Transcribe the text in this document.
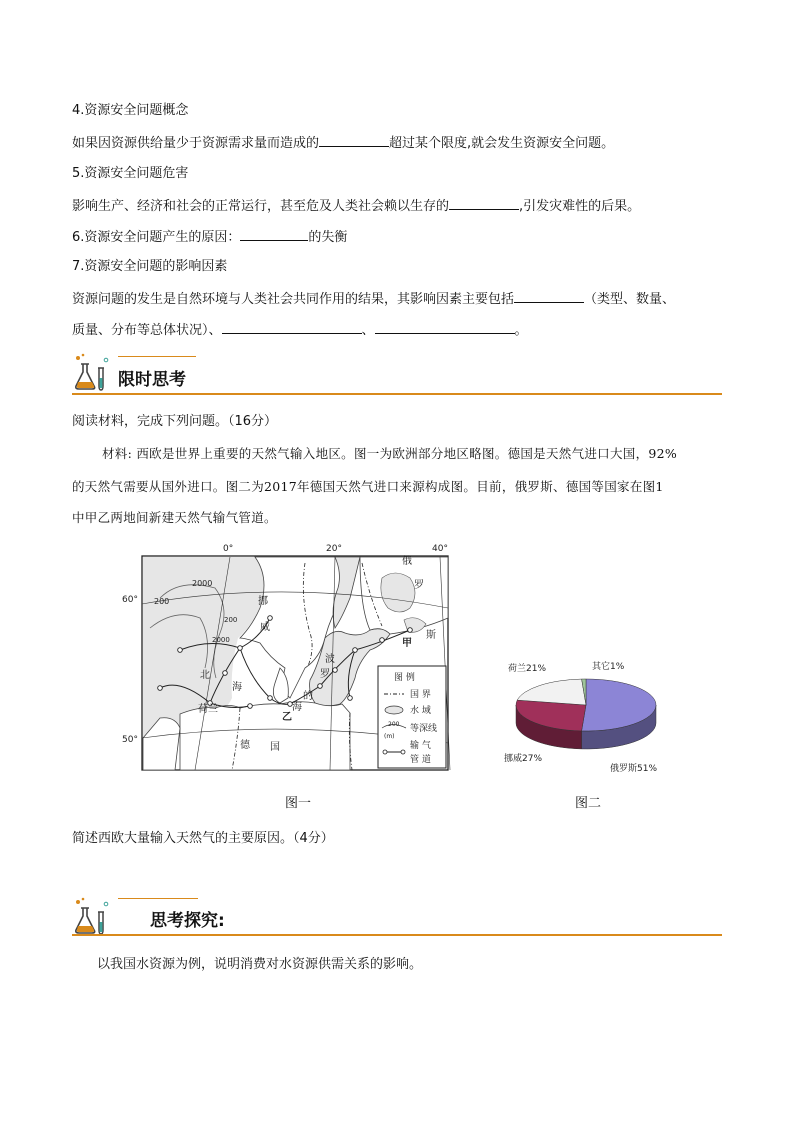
4.资源安全问题概念
如果因资源供给量少于资源需求量而造成的	超过某个限度,就会发生资源安全问题。
5.资源安全问题危害
影响生产、经济和社会的正常运行，甚至危及人类社会赖以生存的	,引发灾难性的后果。
6.资源安全问题产生的原因：	的失衡
7.资源安全问题的影响因素
资源问题的发生是自然环境与人类社会共同作用的结果，其影响因素主要包括	（类型、数量、
质量、分布等总体状况）、	、	。
限时思考
阅读材料，完成下列问题。（16分）
材料: 西欧是世界上重要的天然气输入地区。图一为欧洲部分地区略图。德国是天然气进口大国，92%
的天然气需要从国外进口。图二为2017年德国天然气进口来源构成图。目前，俄罗斯、德国等国家在图1
中甲乙两地间新建天然气输气管道。
图 例
国 界
水 域
200
(m)
等深线
输 气
管 道
0°	20°	40°
60°
50°
2000
200
200
2000
挪
威
俄
罗
斯
甲
乙
波
罗
的
海
北
海
荷兰
德 国
俄罗斯51%
挪威27%
荷兰21%	其它1%
图一	图二
简述西欧大量输入天然气的主要原因。（4分）
思考探究:
以我国水资源为例，说明消费对水资源供需关系的影响。
